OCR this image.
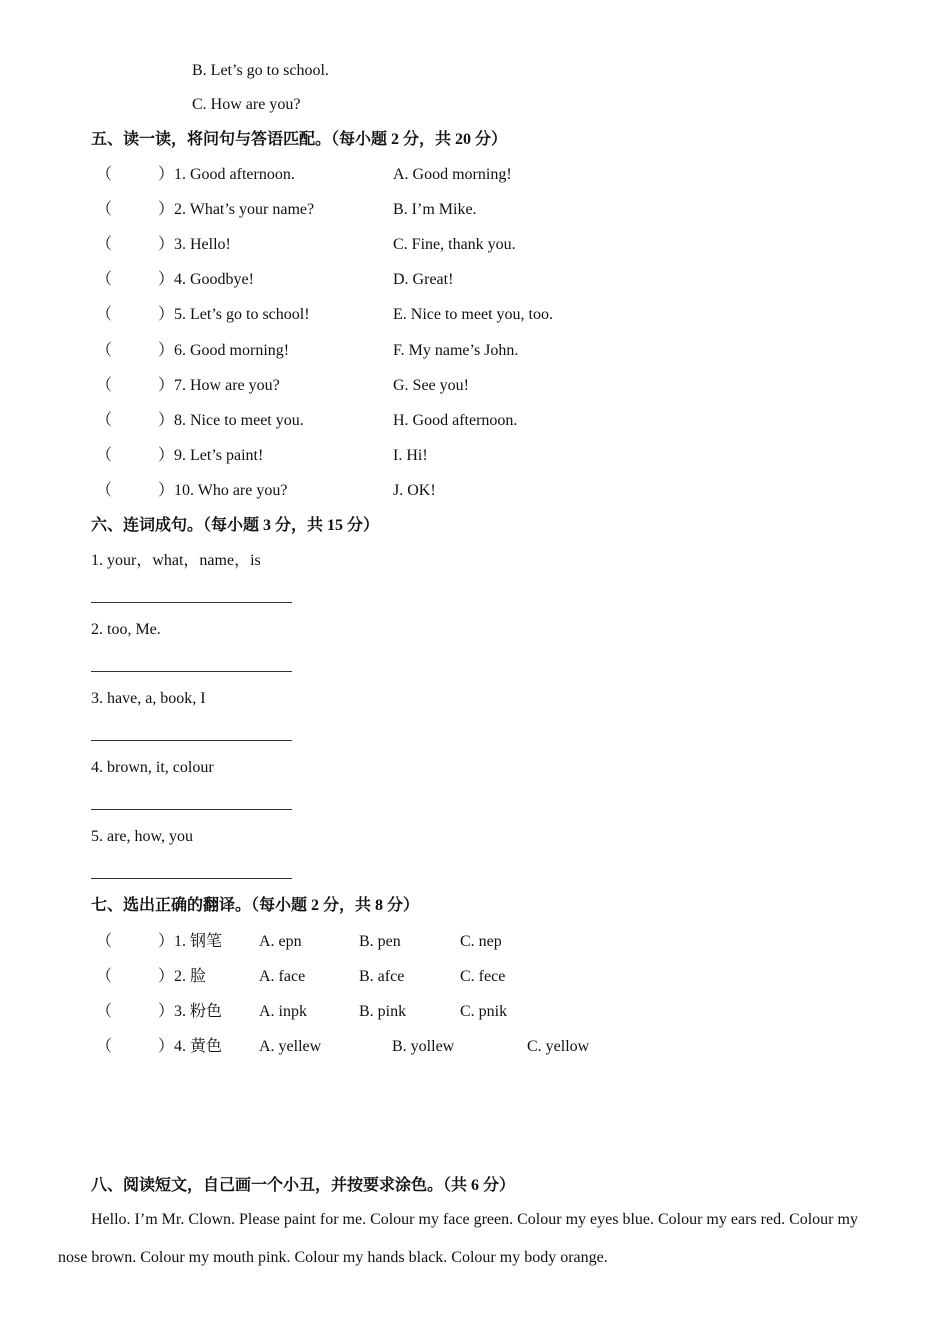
B. Let’s go to school.
C. How are you?
五、读一读，将问句与答语匹配。（每小题 2 分，共 20 分）
（	）1. Good afternoon.	A. Good morning!
（	）2. What’s your name?	B. I’m Mike.
（	）3. Hello!	C. Fine, thank you.
（	）4. Goodbye!	D. Great!
（	）5. Let’s go to school!	E. Nice to meet you, too.
（	）6. Good morning!	F. My name’s John.
（	）7. How are you?	G. See you!
（	）8. Nice to meet you.	H. Good afternoon.
（	）9. Let’s paint!	I. Hi!
（	）10. Who are you?	J. OK!
六、连词成句。（每小题 3 分，共 15 分）
1. your，what，name，is
2. too, Me.
3. have, a, book, I
4. brown, it, colour
5. are, how, you
七、选出正确的翻译。（每小题 2 分，共 8 分）
（	）1. 钢笔 A. epn	B. pen	C. nep
（	）2. 脸	A. face	B. afce	C. fece
（	）3. 粉色 A. inpk	B. pink	C. pnik
（	）4. 黄色 A. yellew	B. yollew	C. yellow
八、阅读短文，自己画一个小丑，并按要求涂色。（共 6 分）
Hello. I’m Mr. Clown. Please paint for me. Colour my face green. Colour my eyes blue. Colour my ears red. Colour my
nose brown. Colour my mouth pink. Colour my hands black. Colour my body orange.
